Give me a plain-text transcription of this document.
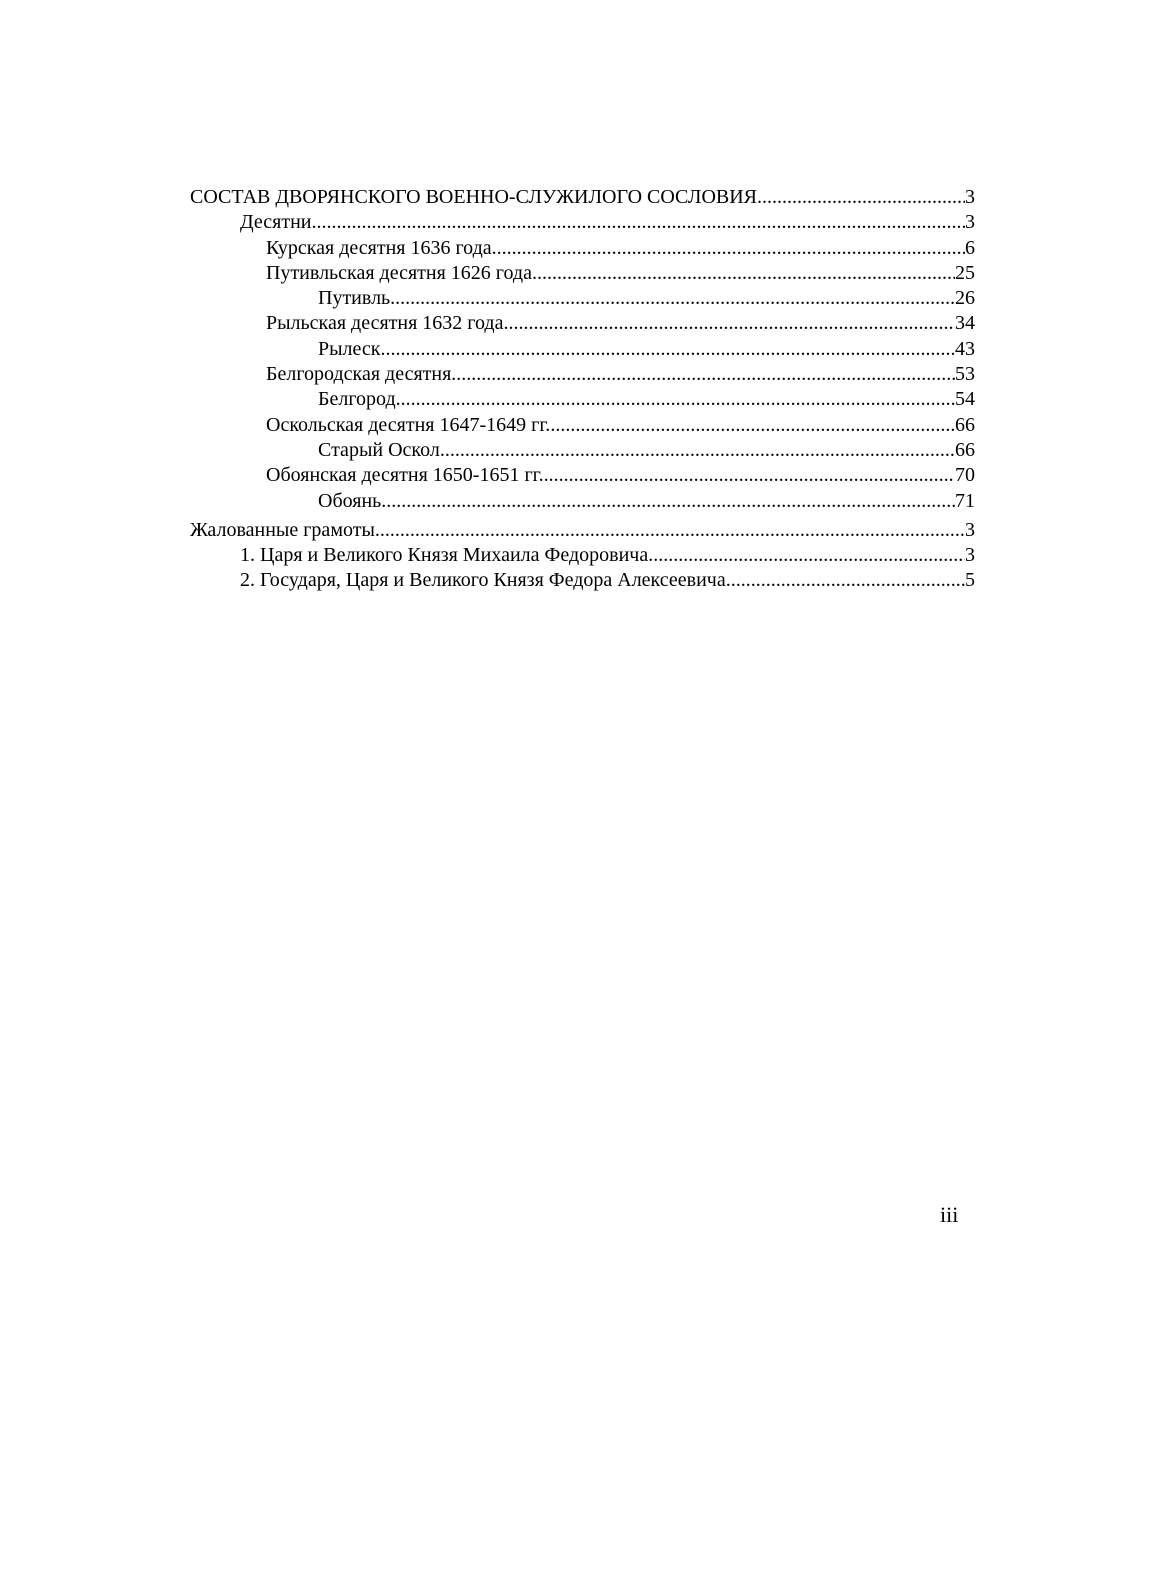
СОСТАВ ДВОРЯНСКОГО ВОЕННО-СЛУЖИЛОГО СОСЛОВИЯ .....	3
Десятни .....	3
Курская десятня 1636 года .....	6
Путивльская десятня 1626 года. .....	25
Путивль .....	26
Рыльская десятня 1632 года .....	34
Рылеск .....	43
Белгородская десятня .....	53
Белгород .....	54
Оскольская десятня 1647-1649 гг. .....	66
Старый Оскол .....	66
Обоянская десятня 1650-1651 гг. .....	70
Обоянь .....	71
Жалованные грамоты .....	3
1. Царя и Великого Князя Михаила Федоровича .....	3
2. Государя, Царя и Великого Князя Федора Алексеевича .....	5
iii
